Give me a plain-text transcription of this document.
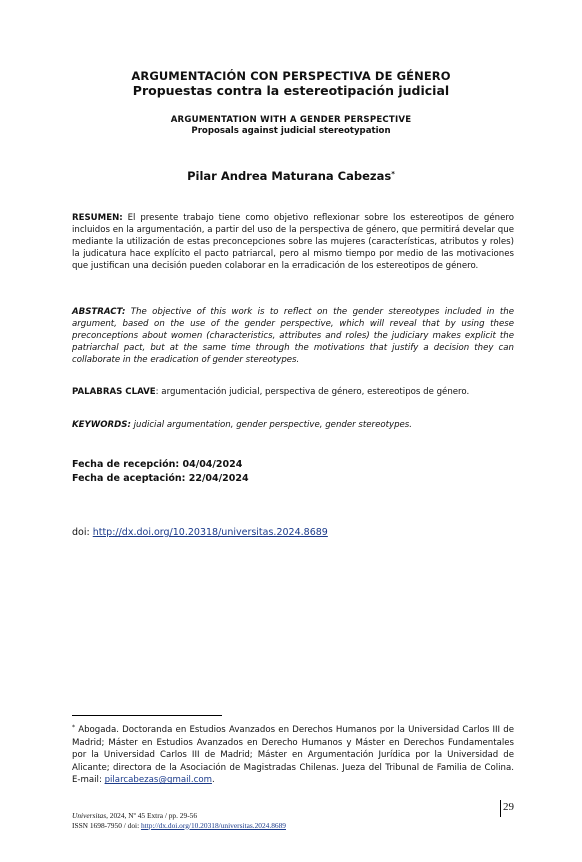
ARGUMENTACIÓN CON PERSPECTIVA DE GÉNERO
Propuestas contra la estereotipación judicial
ARGUMENTATION WITH A GENDER PERSPECTIVE
Proposals against judicial stereotypation
Pilar Andrea Maturana Cabezas*
RESUMEN: El presente trabajo tiene como objetivo reflexionar sobre los estereotipos de género incluidos en la argumentación, a partir del uso de la perspectiva de género, que permitirá develar que mediante la utilización de estas preconcepciones sobre las mujeres (características, atributos y roles) la judicatura hace explícito el pacto patriarcal, pero al mismo tiempo por medio de las motivaciones que justifican una decisión pueden colaborar en la erradicación de los estereotipos de género.
ABSTRACT: The objective of this work is to reflect on the gender stereotypes included in the argument, based on the use of the gender perspective, which will reveal that by using these preconceptions about women (characteristics, attributes and roles) the judiciary makes explicit the patriarchal pact, but at the same time through the motivations that justify a decision they can collaborate in the eradication of gender stereotypes.
PALABRAS CLAVE: argumentación judicial, perspectiva de género, estereotipos de género.
KEYWORDS: judicial argumentation, gender perspective, gender stereotypes.
Fecha de recepción: 04/04/2024
Fecha de aceptación: 22/04/2024
doi: http://dx.doi.org/10.20318/universitas.2024.8689
* Abogada. Doctoranda en Estudios Avanzados en Derechos Humanos por la Universidad Carlos III de Madrid; Máster en Estudios Avanzados en Derecho Humanos y Máster en Derechos Fundamentales por la Universidad Carlos III de Madrid; Máster en Argumentación Jurídica por la Universidad de Alicante; directora de la Asociación de Magistradas Chilenas. Jueza del Tribunal de Familia de Colina. E-mail: pilarcabezas@gmail.com.
Universitas, 2024, Nº 45 Extra / pp. 29-56
ISSN 1698-7950 / doi: http://dx.doi.org/10.20318/universitas.2024.8689
29
